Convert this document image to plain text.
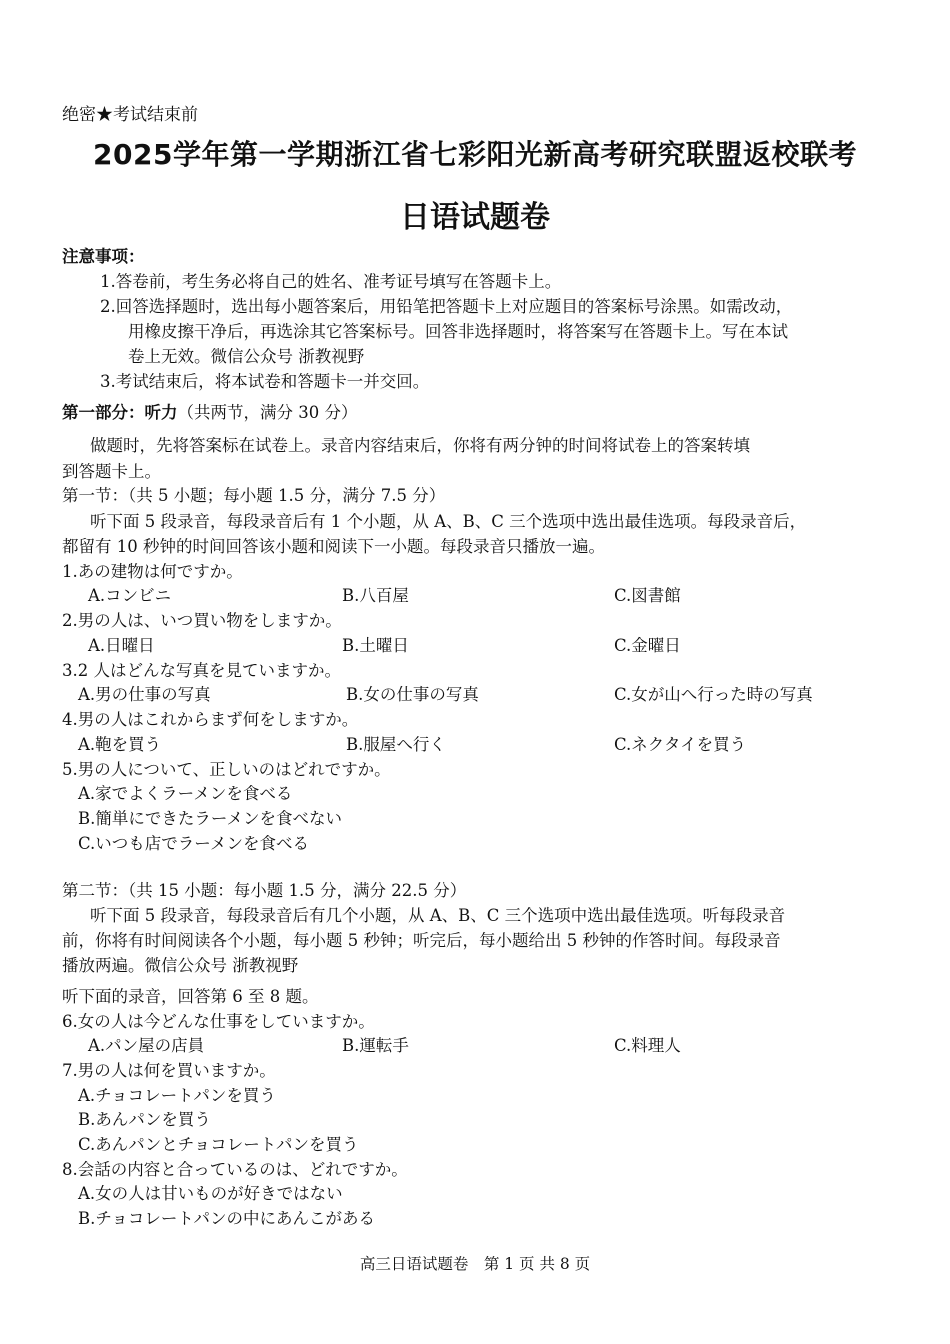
绝密★考试结束前
2025学年第一学期浙江省七彩阳光新高考研究联盟返校联考
日语试题卷
注意事项：
1.答卷前，考生务必将自己的姓名、准考证号填写在答题卡上。
2.回答选择题时，选出每小题答案后，用铅笔把答题卡上对应题目的答案标号涂黑。如需改动，
用橡皮擦干净后，再选涂其它答案标号。回答非选择题时，将答案写在答题卡上。写在本试
卷上无效。微信公众号 浙教视野
3.考试结束后，将本试卷和答题卡一并交回。
第一部分：听力（共两节，满分 30 分）
做题时，先将答案标在试卷上。录音内容结束后，你将有两分钟的时间将试卷上的答案转填
到答题卡上。
第一节：（共 5 小题；每小题 1.5 分，满分 7.5 分）
听下面 5 段录音，每段录音后有 1 个小题，从 A、B、C 三个选项中选出最佳选项。每段录音后，
都留有 10 秒钟的时间回答该小题和阅读下一小题。每段录音只播放一遍。
1.あの建物は何ですか。
A.コンビニ	B.八百屋	C.図書館
2.男の人は、いつ買い物をしますか。
A.日曜日	B.土曜日	C.金曜日
3.2 人はどんな写真を見ていますか。
A.男の仕事の写真	B.女の仕事の写真	C.女が山へ行った時の写真
4.男の人はこれからまず何をしますか。
A.鞄を買う	B.服屋へ行く	C.ネクタイを買う
5.男の人について、正しいのはどれですか。
A.家でよくラーメンを食べる
B.簡単にできたラーメンを食べない
C.いつも店でラーメンを食べる
第二节：（共 15 小题：每小题 1.5 分，满分 22.5 分）
听下面 5 段录音，每段录音后有几个小题，从 A、B、C 三个选项中选出最佳选项。听每段录音
前，你将有时间阅读各个小题，每小题 5 秒钟；听完后，每小题给出 5 秒钟的作答时间。每段录音
播放两遍。微信公众号 浙教视野
听下面的录音，回答第 6 至 8 题。
6.女の人は今どんな仕事をしていますか。
A.パン屋の店員	B.運転手	C.料理人
7.男の人は何を買いますか。
A.チョコレートパンを買う
B.あんパンを買う
C.あんパンとチョコレートパンを買う
8.会話の内容と合っているのは、どれですか。
A.女の人は甘いものが好きではない
B.チョコレートパンの中にあんこがある
高三日语试题卷　第 1 页 共 8 页
